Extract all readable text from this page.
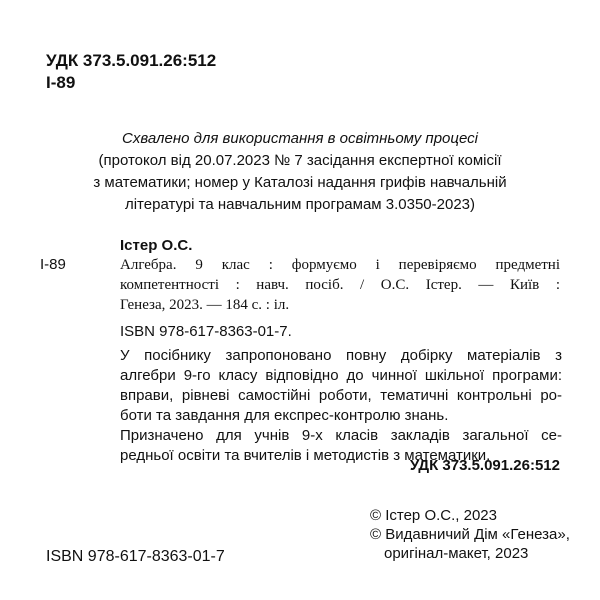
УДК 373.5.091.26:512
І-89
Схвалено для використання в освітньому процесі
(протокол від 20.07.2023 № 7 засідання експертної комісії
з математики; номер у Каталозі надання грифів навчальній
літературі та навчальним програмам 3.0350-2023)
Істер О.С.
І-89	Алгебра. 9 клас : формуємо і перевіряємо предметні
компетентності : навч. посіб. / О.С. Істер. — Київ :
Генеза, 2023. — 184 с. : іл.
ISBN 978-617-8363-01-7.
У посібнику запропоновано повну добірку матеріалів з
алгебри 9-го класу відповідно до чинної шкільної програми:
вправи, рівневі самостійні роботи, тематичні контрольні ро-
боти та завдання для експрес-контролю знань.
Призначено для учнів 9-х класів закладів загальної се-
редньої освіти та вчителів і методистів з математики.
УДК 373.5.091.26:512
© Істер О.С., 2023
© Видавничий Дім «Генеза»,
оригінал-макет, 2023
ISBN 978-617-8363-01-7
